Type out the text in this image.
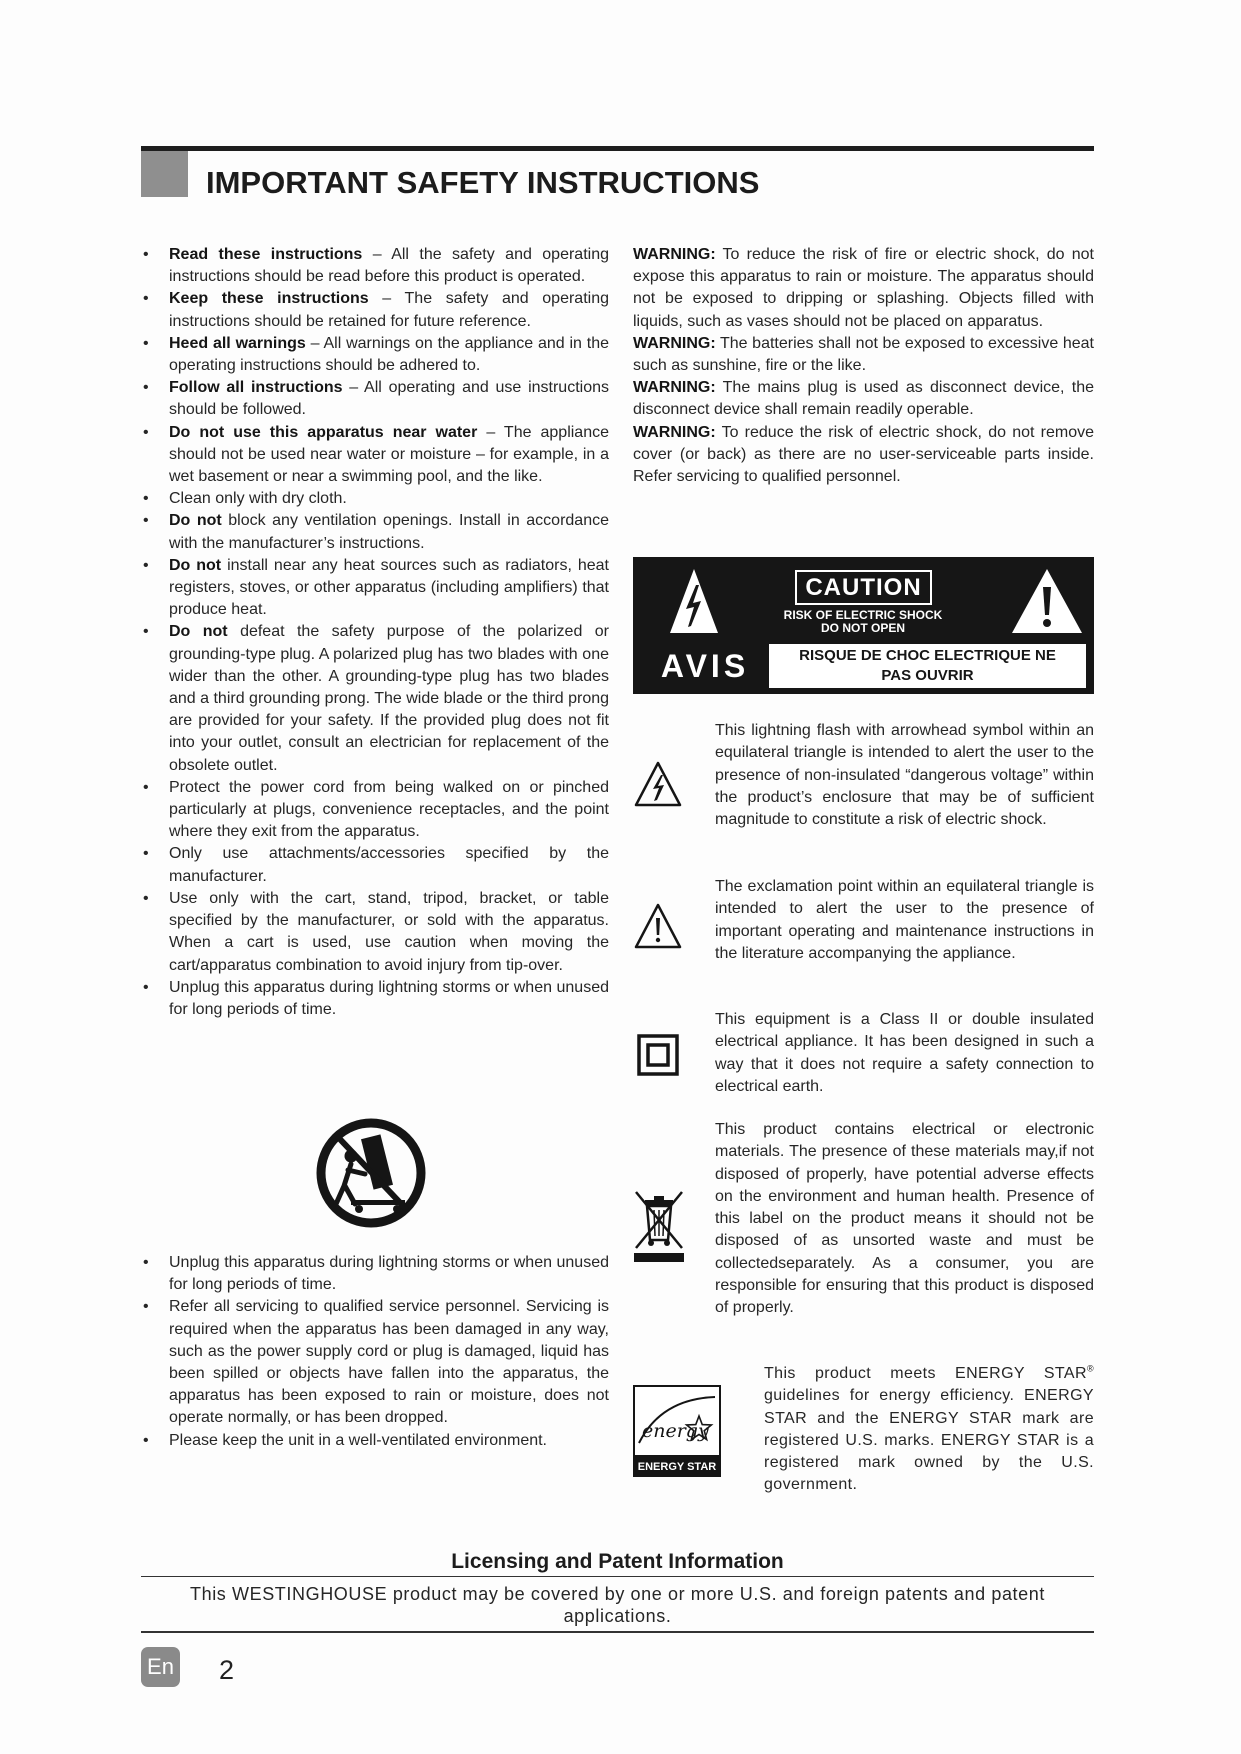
IMPORTANT SAFETY INSTRUCTIONS
• Read these instructions – All the safety and operating instructions should be read before this product is operated.
• Keep these instructions – The safety and operating instructions should be retained for future reference.
• Heed all warnings – All warnings on the appliance and in the operating instructions should be adhered to.
• Follow all instructions – All operating and use instructions should be followed.
• Do not use this apparatus near water – The appliance should not be used near water or moisture – for example, in a wet basement or near a swimming pool, and the like.
• Clean only with dry cloth.
• Do not block any ventilation openings. Install in accordance with the manufacturer’s instructions.
• Do not install near any heat sources such as radiators, heat registers, stoves, or other apparatus (including amplifiers) that produce heat.
• Do not defeat the safety purpose of the polarized or grounding-type plug. A polarized plug has two blades with one wider than the other. A grounding-type plug has two blades and a third grounding prong. The wide blade or the third prong are provided for your safety. If the provided plug does not fit into your outlet, consult an electrician for replacement of the obsolete outlet.
• Protect the power cord from being walked on or pinched particularly at plugs, convenience receptacles, and the point where they exit from the apparatus.
• Only use attachments/accessories specified by the manufacturer.
• Use only with the cart, stand, tripod, bracket, or table specified by the manufacturer, or sold with the apparatus. When a cart is used, use caution when moving the cart/apparatus combination to avoid injury from tip-over.
• Unplug this apparatus during lightning storms or when unused for long periods of time.
• Unplug this apparatus during lightning storms or when unused for long periods of time.
• Refer all servicing to qualified service personnel. Servicing is required when the apparatus has been damaged in any way, such as the power supply cord or plug is damaged, liquid has been spilled or objects have fallen into the apparatus, the apparatus has been exposed to rain or moisture, does not operate normally, or has been dropped.
• Please keep the unit in a well-ventilated environment.

WARNING: To reduce the risk of fire or electric shock, do not expose this apparatus to rain or moisture. The apparatus should not be exposed to dripping or splashing. Objects filled with liquids, such as vases should not be placed on apparatus.

WARNING: The batteries shall not be exposed to excessive heat such as sunshine, fire or the like.

WARNING: The mains plug is used as disconnect device, the disconnect device shall remain readily operable.

WARNING: To reduce the risk of electric shock, do not remove cover (or back) as there are no user-serviceable parts inside. Refer servicing to qualified personnel.

CAUTION
RISK OF ELECTRIC SHOCK
DO NOT OPEN
AVIS	RISQUE DE CHOC ELECTRIQUE NE
PAS OUVRIR

This lightning flash with arrowhead symbol within an equilateral triangle is intended to alert the user to the presence of non-insulated “dangerous voltage” within the product’s enclosure that may be of sufficient magnitude to constitute a risk of electric shock.

The exclamation point within an equilateral triangle is intended to alert the user to the presence of important operating and maintenance instructions in the literature accompanying the appliance.

This equipment is a Class II or double insulated electrical appliance. It has been designed in such a way that it does not require a safety connection to electrical earth.

This product contains electrical or electronic materials. The presence of these materials may,if not disposed of properly, have potential adverse effects on the environment and human health. Presence of this label on the product means it should not be disposed of as unsorted waste and must be collectedseparately. As a consumer, you are responsible for ensuring that this product is disposed of properly.

energy
ENERGY STAR

This product meets ENERGY STAR® guidelines for energy efficiency. ENERGY STAR and the ENERGY STAR mark are registered U.S. marks. ENERGY STAR is a registered mark owned by the U.S. government.

Licensing and Patent Information

This WESTINGHOUSE product may be covered by one or more U.S. and foreign patents and patent applications.

En 2
